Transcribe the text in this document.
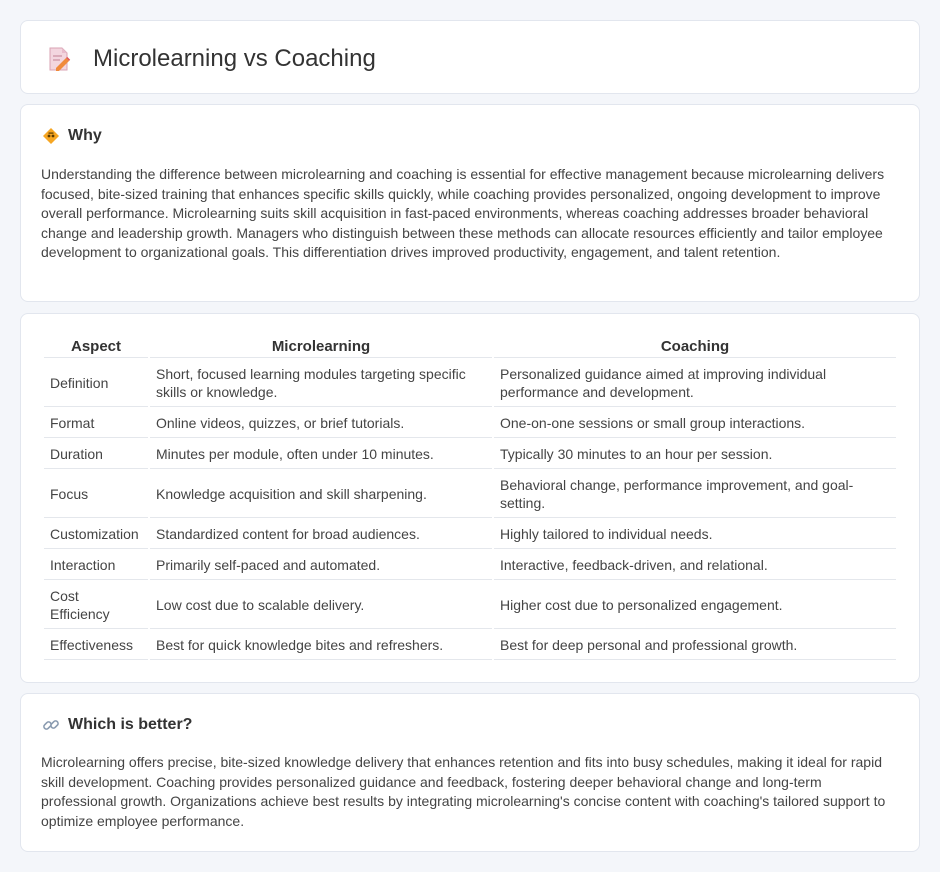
Microlearning vs Coaching
Why

Understanding the difference between microlearning and coaching is essential for effective management because microlearning delivers focused, bite-sized training that enhances specific skills quickly, while coaching provides personalized, ongoing development to improve overall performance. Microlearning suits skill acquisition in fast-paced environments, whereas coaching addresses broader behavioral change and leadership growth. Managers who distinguish between these methods can allocate resources efficiently and tailor employee development to organizational goals. This differentiation drives improved productivity, engagement, and talent retention.

Aspect	Microlearning	Coaching
Definition	Short, focused learning modules targeting specific skills or knowledge.	Personalized guidance aimed at improving individual performance and development.
Format	Online videos, quizzes, or brief tutorials.	One-on-one sessions or small group interactions.
Duration	Minutes per module, often under 10 minutes.	Typically 30 minutes to an hour per session.
Focus	Knowledge acquisition and skill sharpening.	Behavioral change, performance improvement, and goal-setting.
Customization	Standardized content for broad audiences.	Highly tailored to individual needs.
Interaction	Primarily self-paced and automated.	Interactive, feedback-driven, and relational.
Cost Efficiency	Low cost due to scalable delivery.	Higher cost due to personalized engagement.
Effectiveness	Best for quick knowledge bites and refreshers.	Best for deep personal and professional growth.
Which is better?

Microlearning offers precise, bite-sized knowledge delivery that enhances retention and fits into busy schedules, making it ideal for rapid skill development. Coaching provides personalized guidance and feedback, fostering deeper behavioral change and long-term professional growth. Organizations achieve best results by integrating microlearning's concise content with coaching's tailored support to optimize employee performance.
